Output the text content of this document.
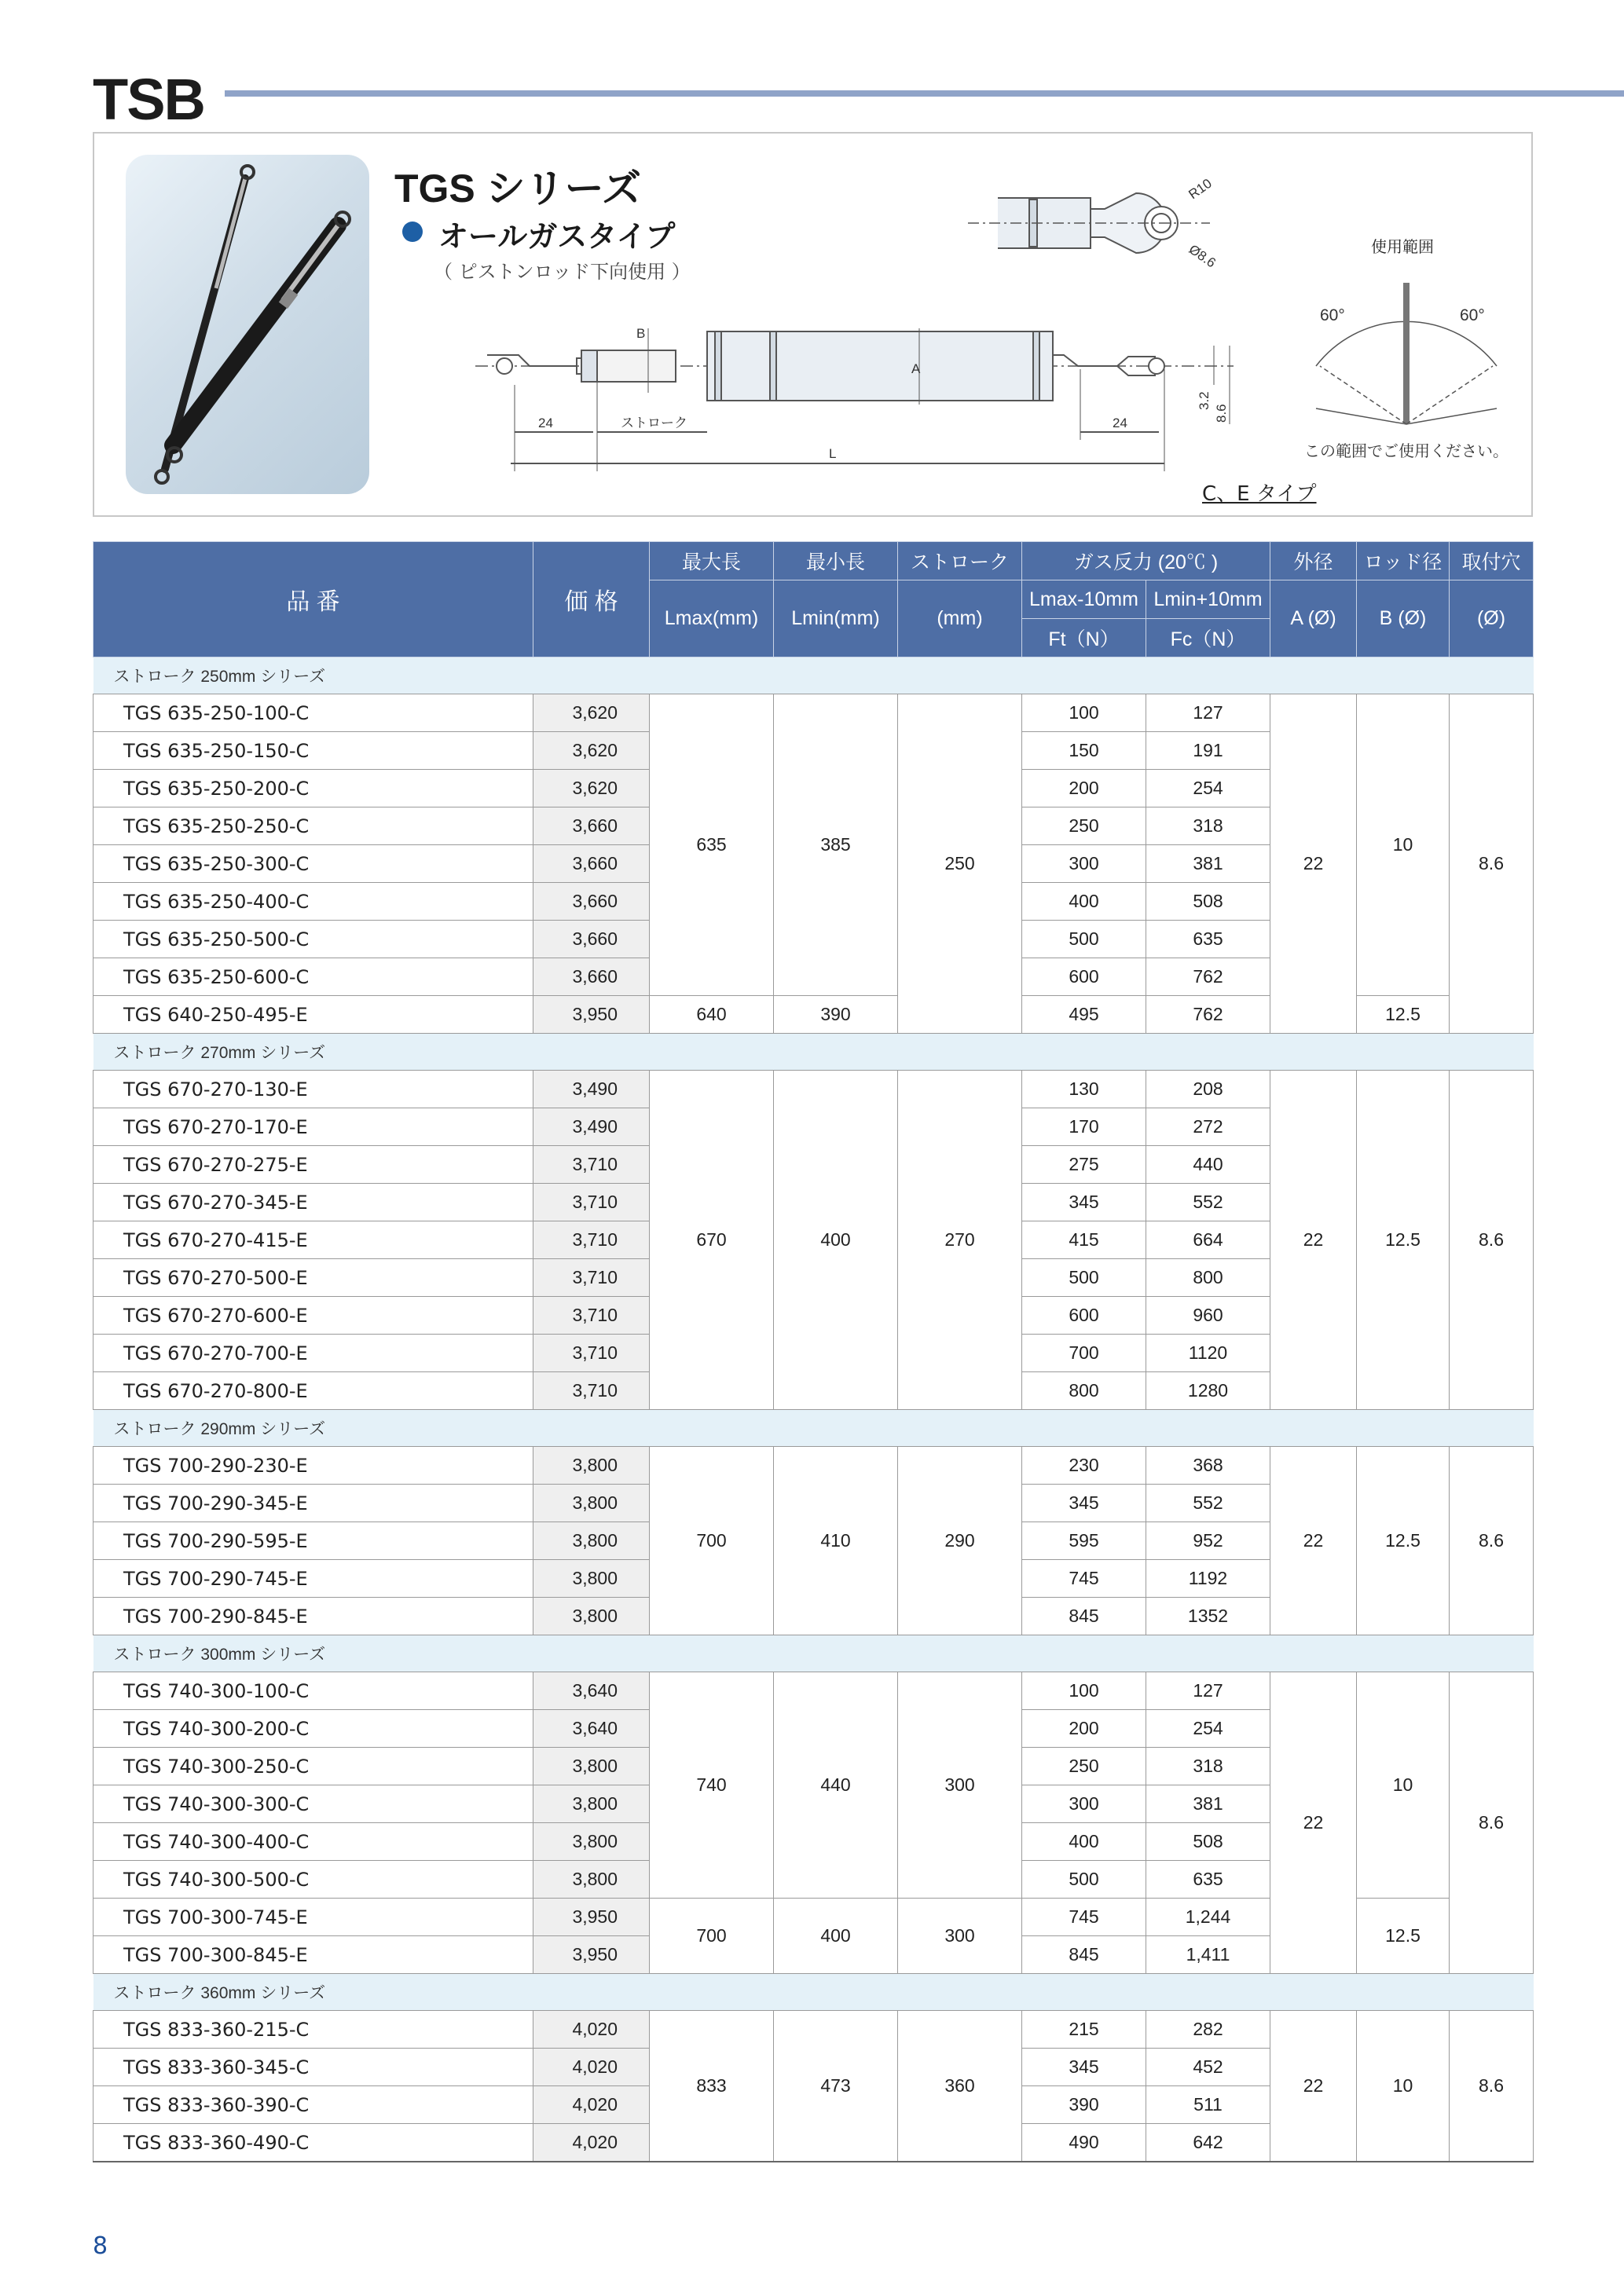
TSB
TGS シリーズ
オールガスタイプ
（ ピストンロッド下向使用 ）
R10
Ø8.6
B
A
24	ストローク	24
L
3.2
8.6
60°	60°
使用範囲
この範囲でご使用ください。
C、E タイプ
品 番	価 格	最大長	最小長	ストローク	ガス反力 (20℃ )		外径	ロッド径	取付穴
		Lmax(mm)	Lmin(mm)	(mm)	Lmax-10mm	Lmin+10mm	A (Ø)	B (Ø)	(Ø)
					Ft（N）	Fc（N）			
ストローク 250mm シリーズ									
TGS 635-250-100-C	3,620	635	385	250	100	127	22	10	8.6
TGS 635-250-150-C	3,620				150	191			
TGS 635-250-200-C	3,620				200	254			
TGS 635-250-250-C	3,660				250	318			
TGS 635-250-300-C	3,660				300	381			
TGS 635-250-400-C	3,660				400	508			
TGS 635-250-500-C	3,660				500	635			
TGS 635-250-600-C	3,660				600	762			
TGS 640-250-495-E	3,950	640	390		495	762		12.5	
ストローク 270mm シリーズ									
TGS 670-270-130-E	3,490	670	400	270	130	208	22	12.5	8.6
TGS 670-270-170-E	3,490				170	272			
TGS 670-270-275-E	3,710				275	440			
TGS 670-270-345-E	3,710				345	552			
TGS 670-270-415-E	3,710				415	664			
TGS 670-270-500-E	3,710				500	800			
TGS 670-270-600-E	3,710				600	960			
TGS 670-270-700-E	3,710				700	1120			
TGS 670-270-800-E	3,710				800	1280			
ストローク 290mm シリーズ									
TGS 700-290-230-E	3,800	700	410	290	230	368	22	12.5	8.6
TGS 700-290-345-E	3,800				345	552			
TGS 700-290-595-E	3,800				595	952			
TGS 700-290-745-E	3,800				745	1192			
TGS 700-290-845-E	3,800				845	1352			
ストローク 300mm シリーズ									
TGS 740-300-100-C	3,640	740	440	300	100	127	22	10	8.6
TGS 740-300-200-C	3,640				200	254			
TGS 740-300-250-C	3,800				250	318			
TGS 740-300-300-C	3,800				300	381			
TGS 740-300-400-C	3,800				400	508			
TGS 740-300-500-C	3,800				500	635			
TGS 700-300-745-E	3,950	700	400	300	745	1,244		12.5	
TGS 700-300-845-E	3,950				845	1,411			
ストローク 360mm シリーズ									
TGS 833-360-215-C	4,020	833	473	360	215	282	22	10	8.6
TGS 833-360-345-C	4,020				345	452			
TGS 833-360-390-C	4,020				390	511			
TGS 833-360-490-C	4,020				490	642			
8
